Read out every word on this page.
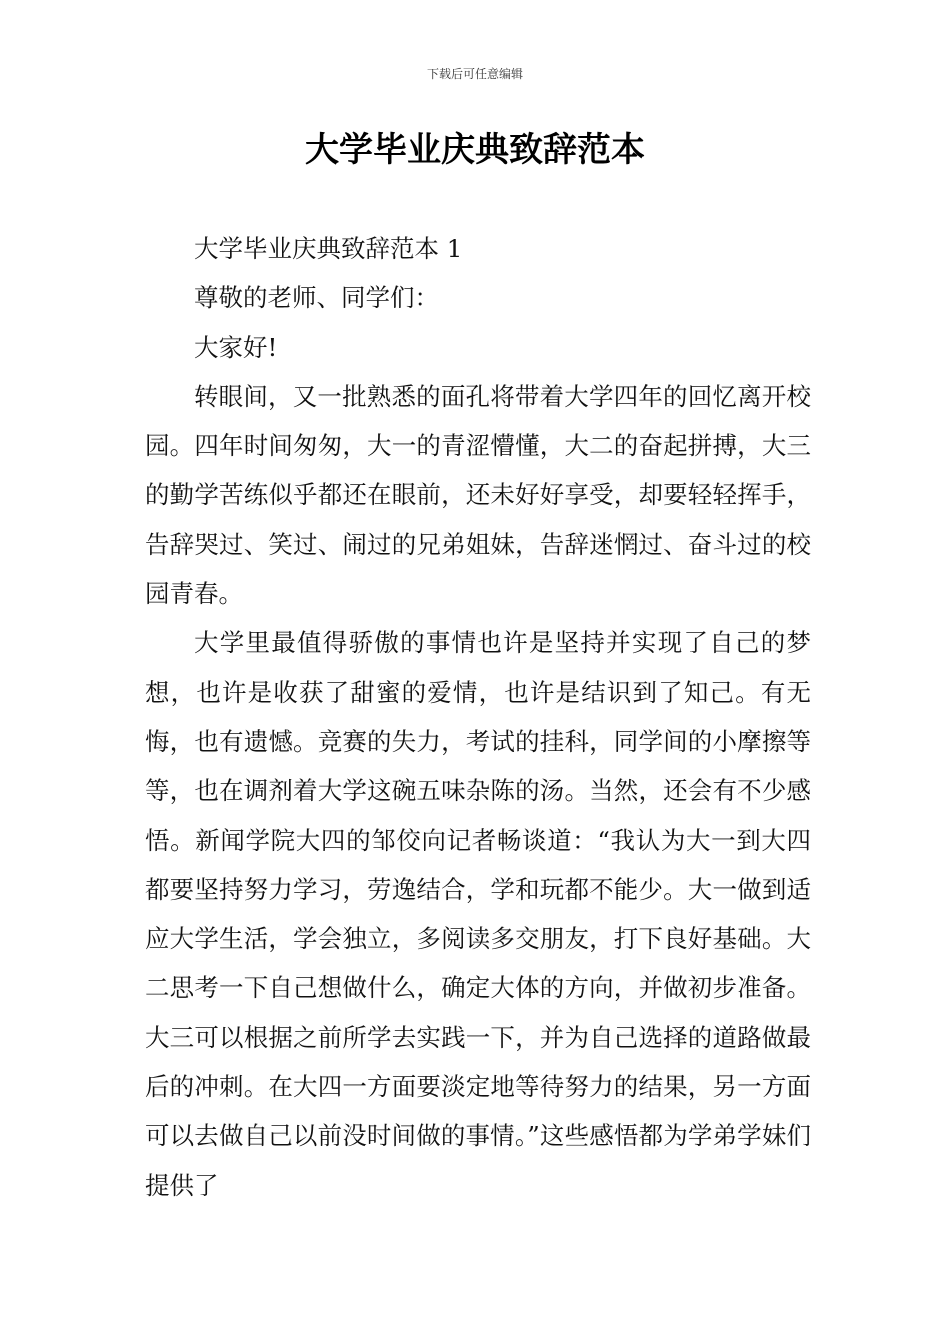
下载后可任意编辑
大学毕业庆典致辞范本

大学毕业庆典致辞范本 1

尊敬的老师、同学们：

大家好!

转眼间，又一批熟悉的面孔将带着大学四年的回忆离开校园。四年时间匆匆，大一的青涩懵懂，大二的奋起拼搏，大三的勤学苦练似乎都还在眼前，还未好好享受，却要轻轻挥手，告辞哭过、笑过、闹过的兄弟姐妹，告辞迷惘过、奋斗过的校园青春。

大学里最值得骄傲的事情也许是坚持并实现了自己的梦想，也许是收获了甜蜜的爱情，也许是结识到了知己。有无悔，也有遗憾。竞赛的失力，考试的挂科，同学间的小摩擦等等，也在调剂着大学这碗五味杂陈的汤。当然，还会有不少感悟。新闻学院大四的邹佼向记者畅谈道：“我认为大一到大四都要坚持努力学习，劳逸结合，学和玩都不能少。大一做到适应大学生活，学会独立，多阅读多交朋友，打下良好基础。大二思考一下自己想做什么，确定大体的方向，并做初步准备。大三可以根据之前所学去实践一下，并为自己选择的道路做最后的冲刺。在大四一方面要淡定地等待努力的结果，另一方面可以去做自己以前没时间做的事情。”这些感悟都为学弟学妹们提供了
